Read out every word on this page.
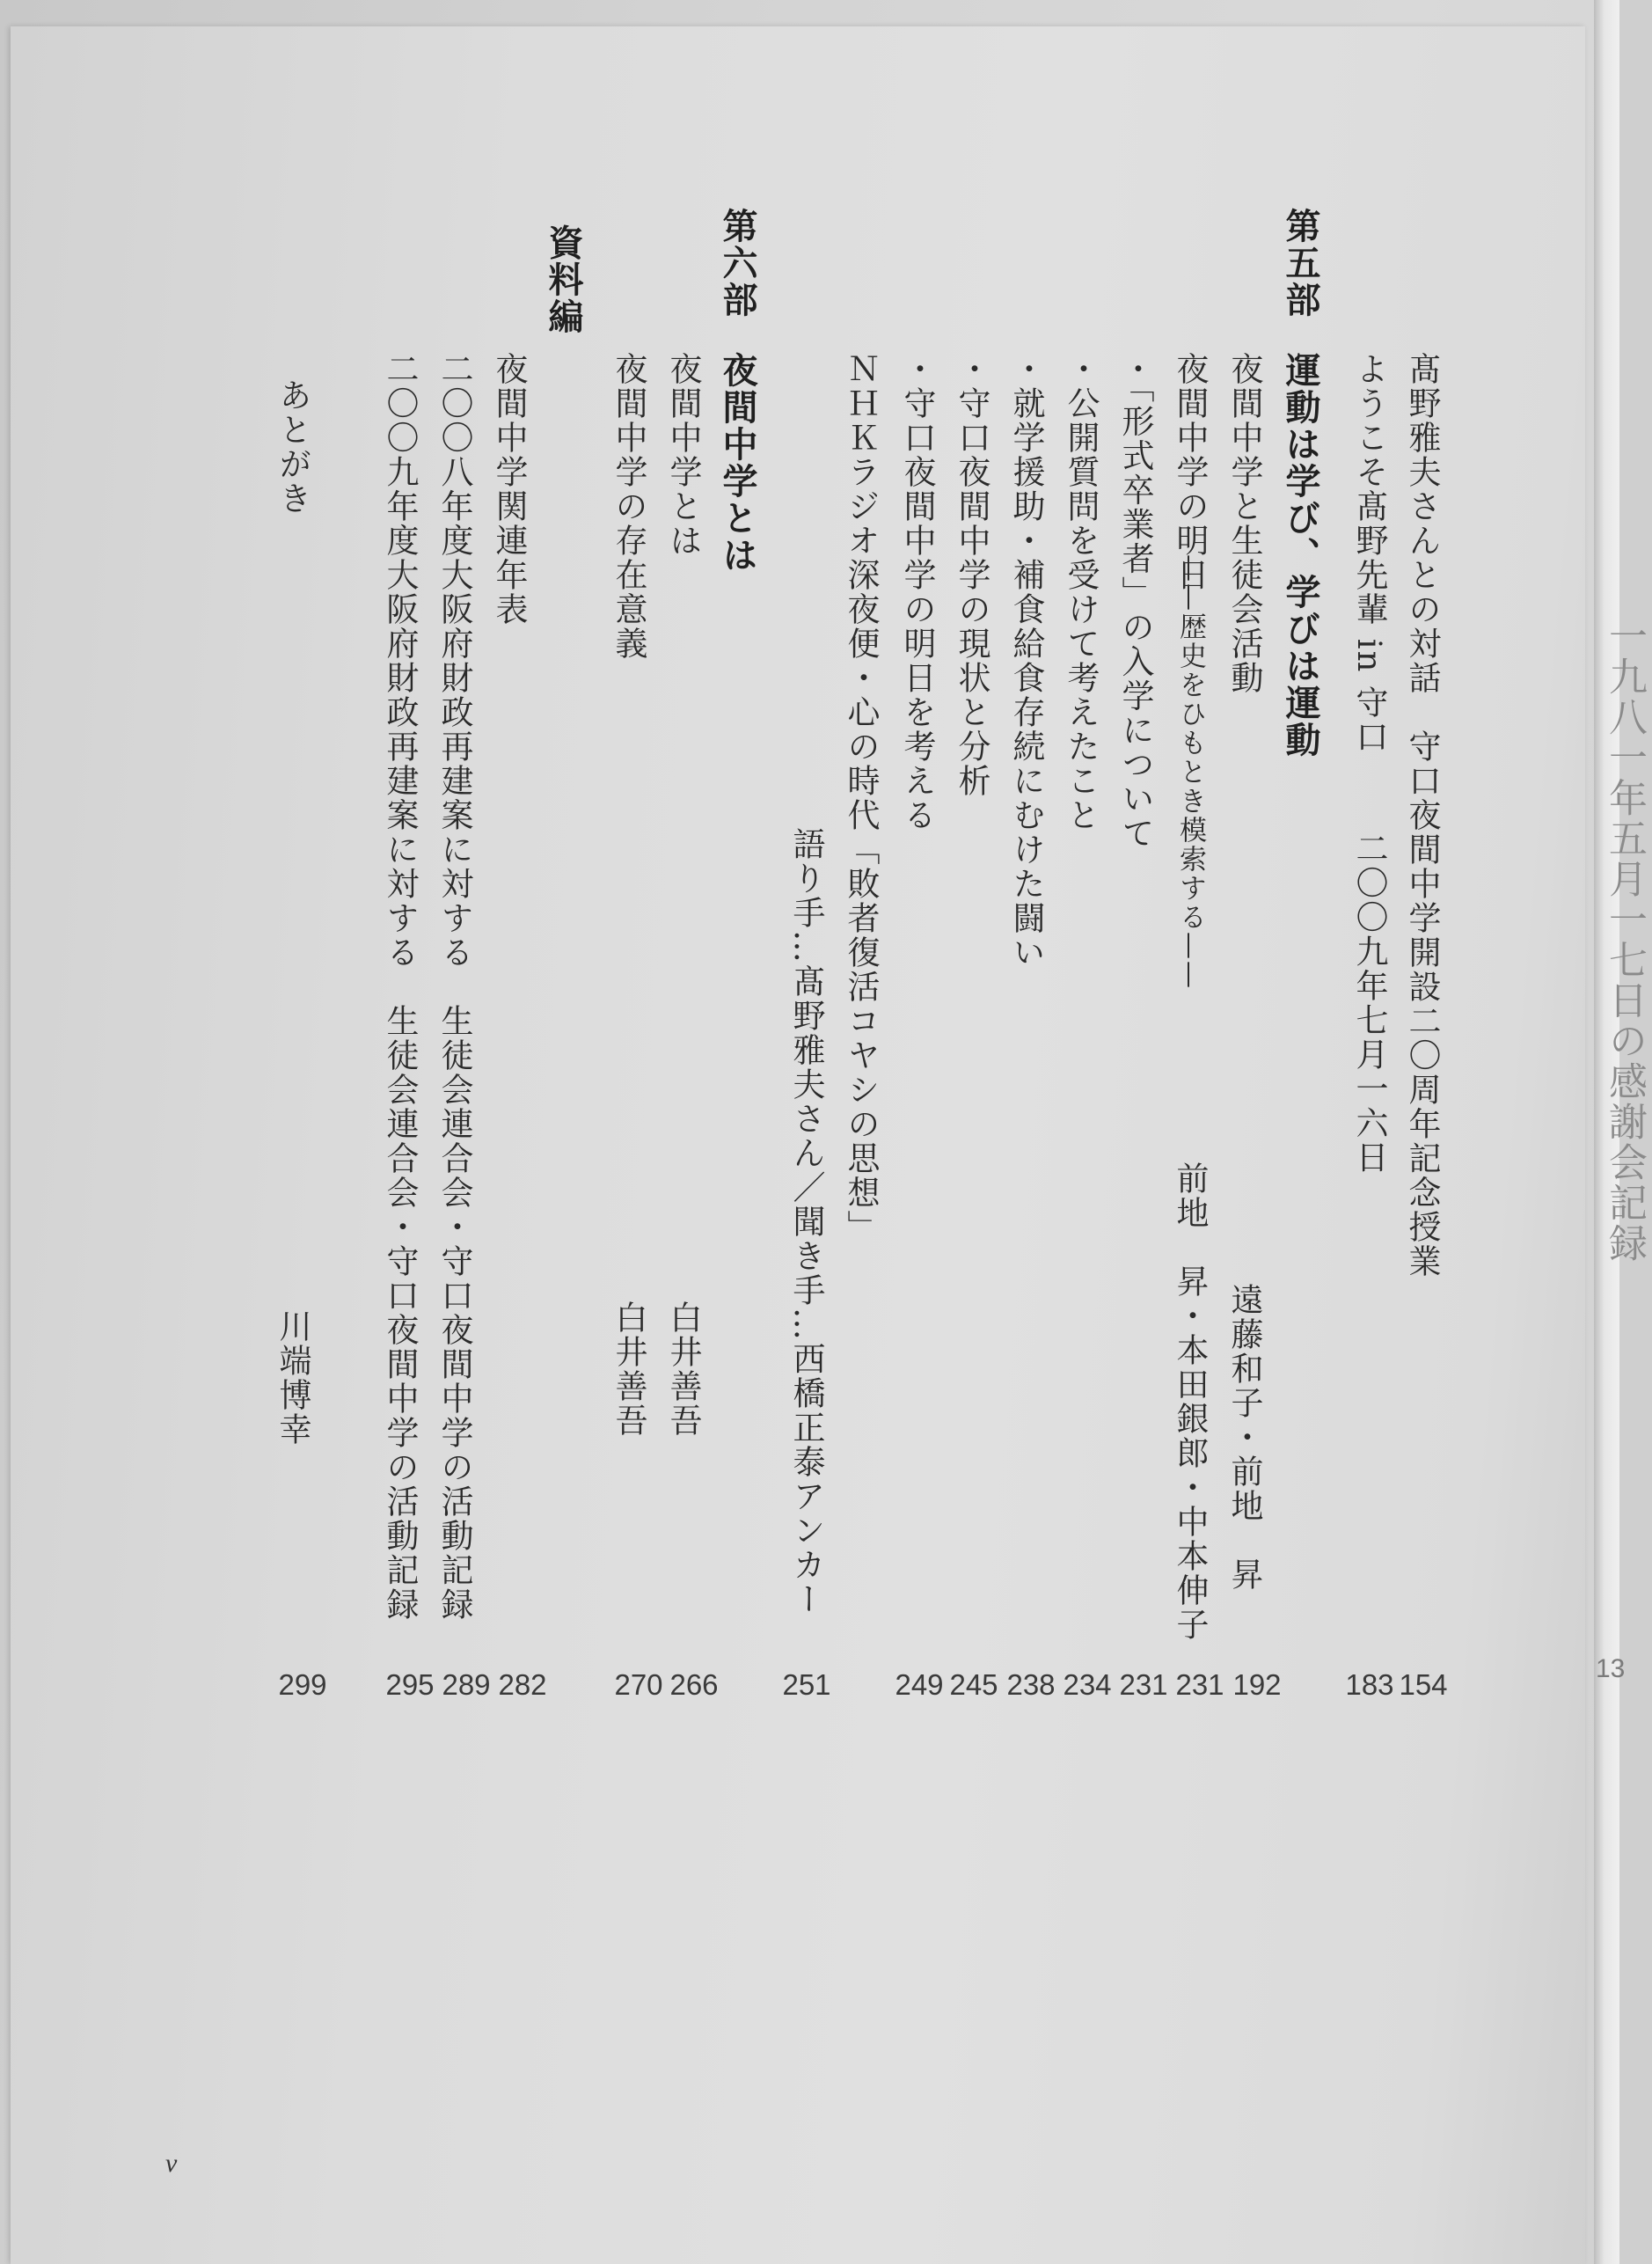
一九八一年五月一七日の感謝会記録
13
髙野雅夫さんとの対話　守口夜間中学開設二〇周年記念授業
154
ようこそ髙野先輩 in 守口
二〇〇九年七月一六日
183
第五部
運動は学び、学びは運動
夜間中学と生徒会活動
遠藤和子・前地　昇
192
夜間中学の明日
——歴史をひもとき模索する——
前地　昇・本田銀郎・中本伸子
231
・「形式卒業者」の入学について
231
・公開質問を受けて考えたこと
234
・就学援助・補食給食存続にむけた闘い
238
・守口夜間中学の現状と分析
245
・守口夜間中学の明日を考える
249
ＮＨＫラジオ深夜便・心の時代「敗者復活コヤシの思想」
語り手…髙野雅夫さん／聞き手…西橋正泰アンカー
251
第六部
夜間中学とは
夜間中学とは
白井善吾
266
夜間中学の存在意義
白井善吾
270
資料編
夜間中学関連年表
282
二〇〇八年度大阪府財政再建案に対する　生徒会連合会・守口夜間中学の活動記録
289
二〇〇九年度大阪府財政再建案に対する　生徒会連合会・守口夜間中学の活動記録
295
あとがき
川端博幸
299
v
